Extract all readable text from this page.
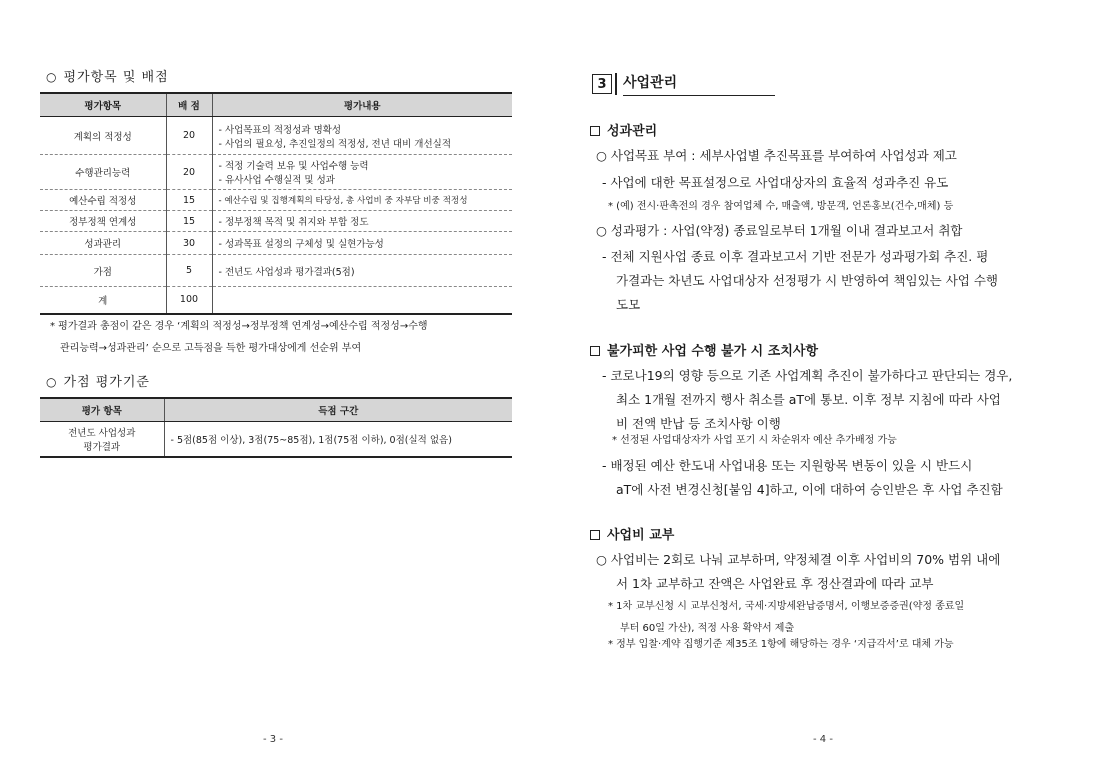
○ 평가항목 및 배점
평가항목	배 점	평가내용
계획의 적정성	20	- 사업목표의 적정성과 명확성
- 사업의 필요성, 추진일정의 적정성, 전년 대비 개선실적

수행관리능력	20	- 적정 기술력 보유 및 사업수행 능력
- 유사사업 수행실적 및 성과

예산수립 적정성	15	- 예산수립 및 집행계획의 타당성, 총 사업비 중 자부담 비중 적정성
정부정책 연계성	15	- 정부정책 목적 및 취지와 부합 정도
성과관리	30	- 성과목표 설정의 구체성 및 실현가능성
가점	5	- 전년도 사업성과 평가결과(5점)
계	100	
* 평가결과 총점이 같은 경우 ‘계획의 적정성→정부정책 연계성→예산수립 적정성→수행
관리능력→성과관리’ 순으로 고득점을 득한 평가대상에게 선순위 부여
○ 가점 평가기준
평가 항목	득점 구간

전년도 사업성과
평가결과	- 5점(85점 이상), 3점(75~85점), 1점(75점 이하), 0점(실적 없음)
- 3 -
3	사업관리
성과관리
○ 사업목표 부여 : 세부사업별 추진목표를 부여하여 사업성과 제고
- 사업에 대한 목표설정으로 사업대상자의 효율적 성과추진 유도
* (예) 전시·판촉전의 경우 참여업체 수, 매출액, 방문객, 언론홍보(건수,매체) 등
○ 성과평가 : 사업(약정) 종료일로부터 1개월 이내 결과보고서 취합
- 전체 지원사업 종료 이후 결과보고서 기반 전문가 성과평가회 추진. 평
가결과는 차년도 사업대상자 선정평가 시 반영하여 책임있는 사업 수행
도모
불가피한 사업 수행 불가 시 조치사항
- 코로나19의 영향 등으로 기존 사업계획 추진이 불가하다고 판단되는 경우,
최소 1개월 전까지 행사 취소를 aT에 통보. 이후 정부 지침에 따라 사업
비 전액 반납 등 조치사항 이행
* 선정된 사업대상자가 사업 포기 시 차순위자 예산 추가배정 가능
- 배정된 예산 한도내 사업내용 또는 지원항목 변동이 있을 시 반드시
aT에 사전 변경신청[붙임 4]하고, 이에 대하여 승인받은 후 사업 추진함
사업비 교부
○ 사업비는 2회로 나눠 교부하며, 약정체결 이후 사업비의 70% 범위 내에
서 1차 교부하고 잔액은 사업완료 후 정산결과에 따라 교부
* 1차 교부신청 시 교부신청서, 국세·지방세완납증명서, 이행보증증권(약정 종료일
부터 60일 가산), 적정 사용 확약서 제출
* 정부 입찰·계약 집행기준 제35조 1항에 해당하는 경우 ‘지급각서’로 대체 가능
- 4 -
